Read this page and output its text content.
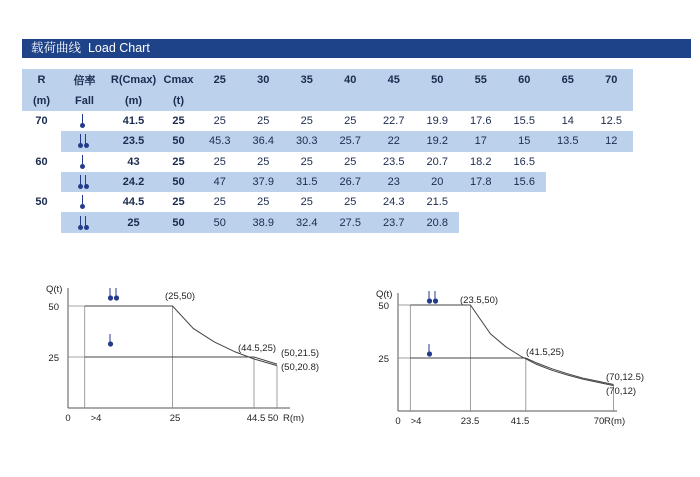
载荷曲线 Load Chart
R	倍率	R(Cmax)	Cmax	25	30	35	40	45	50	55	60	65	70
(m)	Fall	(m)	(t)										
70		41.5	25	25	25	25	25	22.7	19.9	17.6	15.5	14	12.5

	23.5	50	45.3	36.4	30.3	25.7	22	19.2	17	15	13.5	12
60		43	25	25	25	25	25	23.5	20.7	18.2	16.5		

	24.2	50	47	37.9	31.5	26.7	23	20	17.8	15.6		
50		44.5	25	25	25	25	25	24.3	21.5				

	25	50	50	38.9	32.4	27.5	23.7	20.8				
Q(t)
R(m)
25
50
0 >4	25	44.5 50
(25,50)
(44.5,25) (50,21.5)
(50,20.8)
Q(t)
R(m)
25
50
0 >4	23.5	41.5	70
(23.5,50)
(41.5,25)
(70,12.5)
(70,12)
